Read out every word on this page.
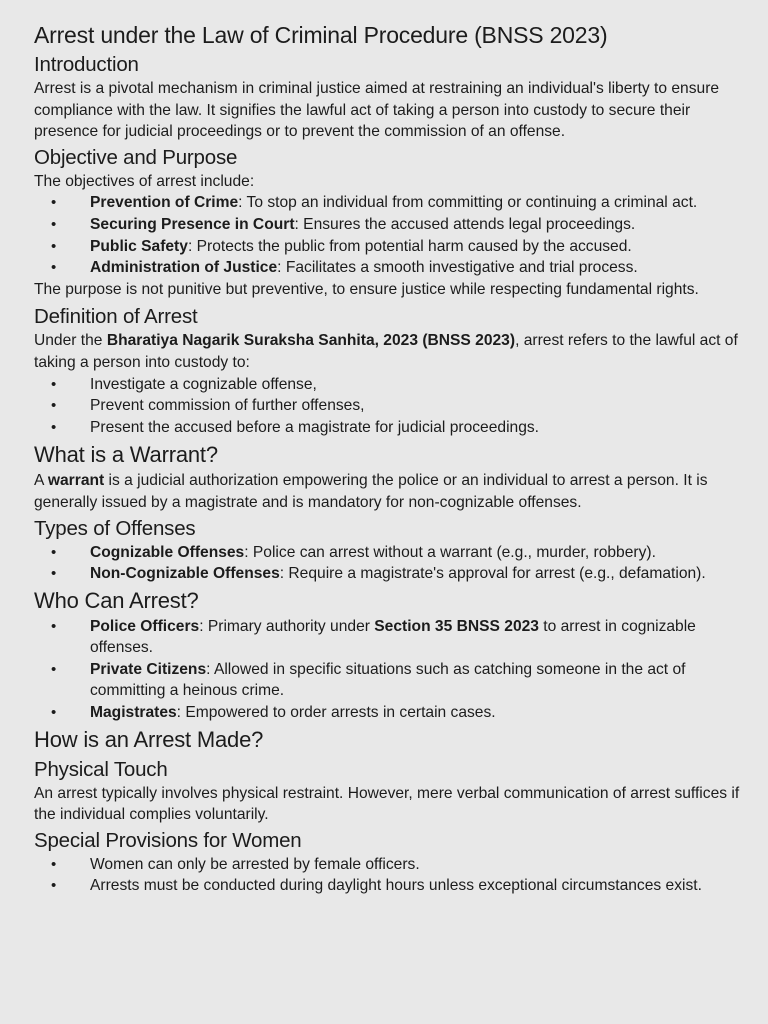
Arrest under the Law of Criminal Procedure (BNSS 2023)
Introduction

Arrest is a pivotal mechanism in criminal justice aimed at restraining an individual's liberty to ensure compliance with the law. It signifies the lawful act of taking a person into custody to secure their presence for judicial proceedings or to prevent the commission of an offense.

Objective and Purpose

The objectives of arrest include:

• Prevention of Crime: To stop an individual from committing or continuing a criminal act.
• Securing Presence in Court: Ensures the accused attends legal proceedings.
• Public Safety: Protects the public from potential harm caused by the accused.
• Administration of Justice: Facilitates a smooth investigative and trial process.

The purpose is not punitive but preventive, to ensure justice while respecting fundamental rights.

Definition of Arrest

Under the Bharatiya Nagarik Suraksha Sanhita, 2023 (BNSS 2023), arrest refers to the lawful act of taking a person into custody to:

• Investigate a cognizable offense,
• Prevent commission of further offenses,
• Present the accused before a magistrate for judicial proceedings.
What is a Warrant?

A warrant is a judicial authorization empowering the police or an individual to arrest a person. It is generally issued by a magistrate and is mandatory for non-cognizable offenses.

Types of Offenses
• Cognizable Offenses: Police can arrest without a warrant (e.g., murder, robbery).
• Non-Cognizable Offenses: Require a magistrate's approval for arrest (e.g., defamation).
Who Can Arrest?
• Police Officers: Primary authority under Section 35 BNSS 2023 to arrest in cognizable offenses.
• Private Citizens: Allowed in specific situations such as catching someone in the act of committing a heinous crime.
• Magistrates: Empowered to order arrests in certain cases.
How is an Arrest Made?
Physical Touch

An arrest typically involves physical restraint. However, mere verbal communication of arrest suffices if the individual complies voluntarily.

Special Provisions for Women
• Women can only be arrested by female officers.
• Arrests must be conducted during daylight hours unless exceptional circumstances exist.
